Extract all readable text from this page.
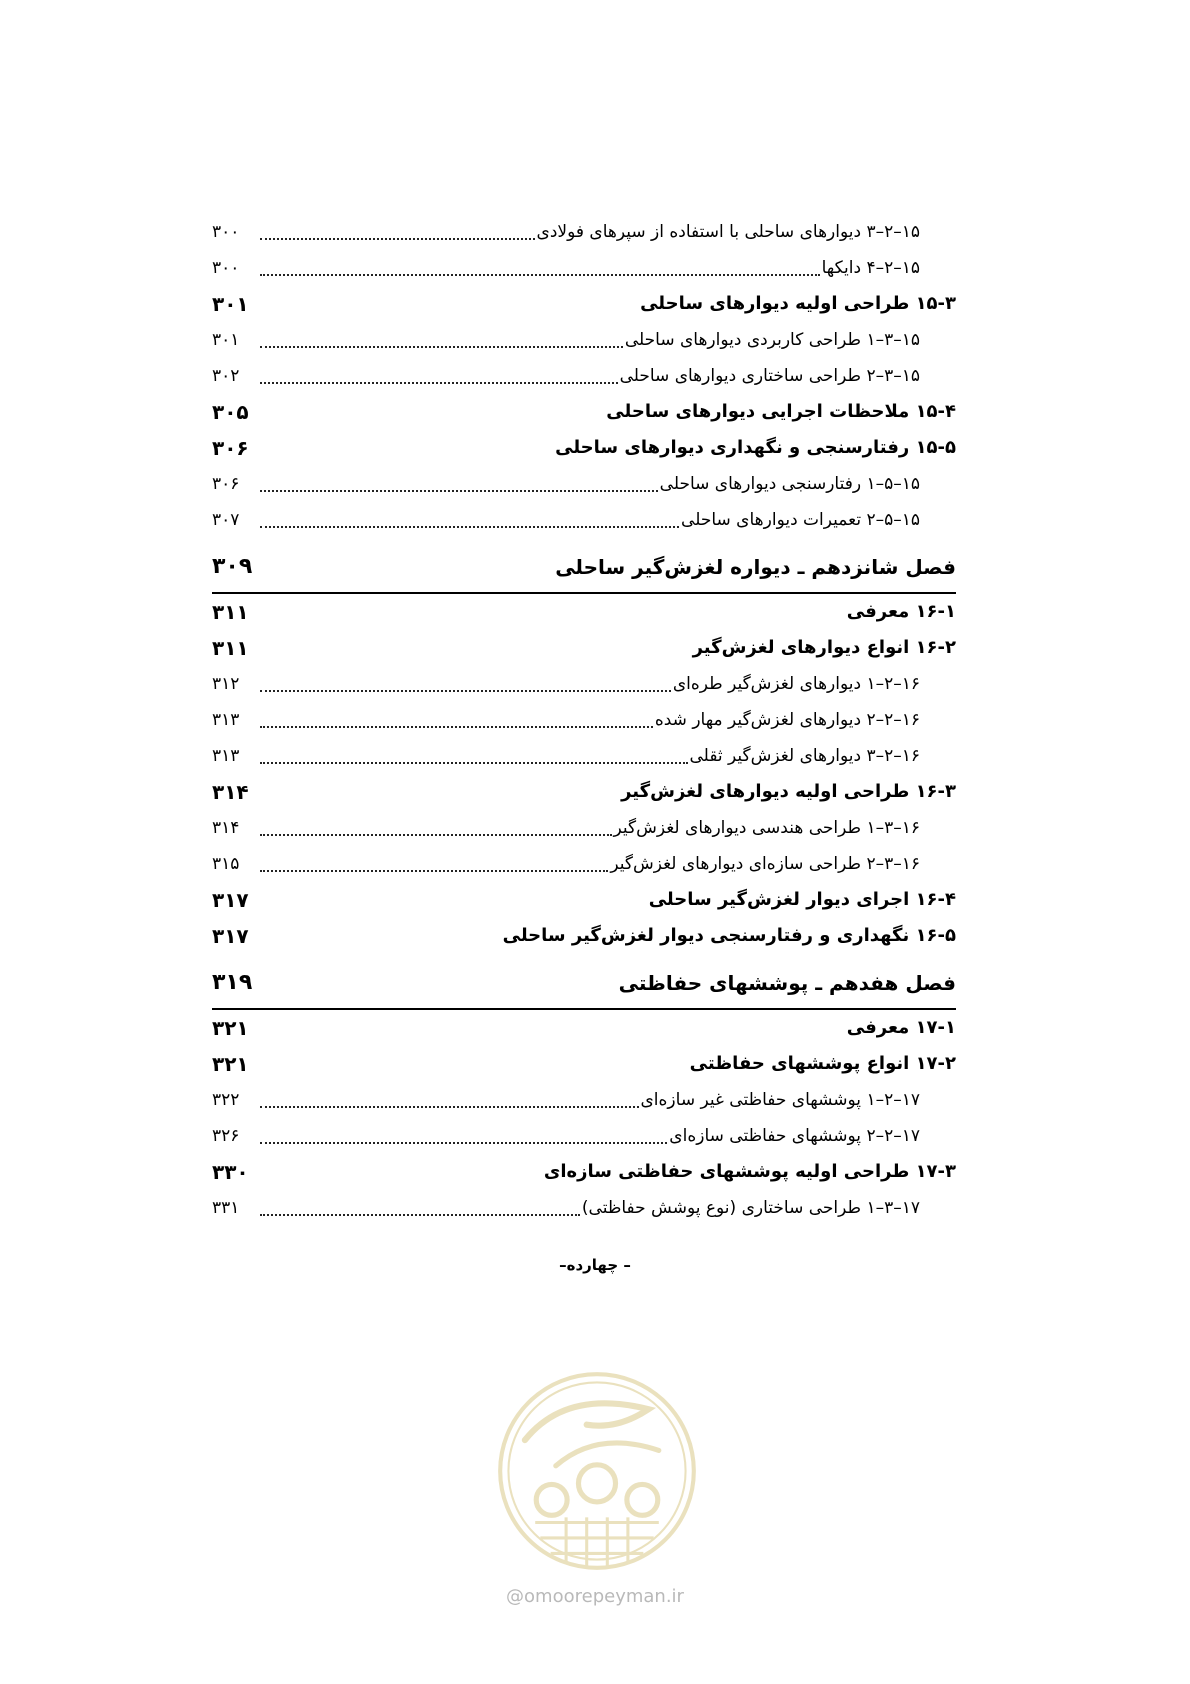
۱۵–۲–۳ دیوارهای ساحلی با استفاده از سپرهای فولادی
۳۰۰
۱۵–۲–۴ دایکها
۳۰۰
۱۵-۳ طراحی اولیه دیوارهای ساحلی
۳۰۱
۱۵–۳–۱ طراحی کاربردی دیوارهای ساحلی
۳۰۱
۱۵–۳–۲ طراحی ساختاری دیوارهای ساحلی
۳۰۲
۱۵-۴ ملاحظات اجرایی دیوارهای ساحلی
۳۰۵
۱۵-۵ رفتارسنجی و نگهداری دیوارهای ساحلی
۳۰۶
۱۵–۵–۱ رفتارسنجی دیوارهای ساحلی
۳۰۶
۱۵–۵–۲ تعمیرات دیوارهای ساحلی
۳۰۷
فصل شانزدهم ـ دیواره لغزش‌گیر ساحلی
۳۰۹
۱۶-۱ معرفی
۳۱۱
۱۶-۲ انواع دیوارهای لغزش‌گیر
۳۱۱
۱۶–۲–۱ دیوارهای لغزش‌گیر طره‌ای
۳۱۲
۱۶–۲–۲ دیوارهای لغزش‌گیر مهار شده
۳۱۳
۱۶–۲–۳ دیوارهای لغزش‌گیر ثقلی
۳۱۳
۱۶-۳ طراحی اولیه دیوارهای لغزش‌گیر
۳۱۴
۱۶–۳–۱ طراحی هندسی دیوارهای لغزش‌گیر
۳۱۴
۱۶–۳–۲ طراحی سازه‌ای دیوارهای لغزش‌گیر
۳۱۵
۱۶-۴ اجرای دیوار لغزش‌گیر ساحلی
۳۱۷
۱۶-۵ نگهداری و رفتارسنجی دیوار لغزش‌گیر ساحلی
۳۱۷
فصل هفدهم ـ پوششهای حفاظتی
۳۱۹
۱۷-۱ معرفی
۳۲۱
۱۷-۲ انواع پوششهای حفاظتی
۳۲۱
۱۷–۲–۱ پوششهای حفاظتی غیر سازه‌ای
۳۲۲
۱۷–۲–۲ پوششهای حفاظتی سازه‌ای
۳۲۶
۱۷-۳ طراحی اولیه پوششهای حفاظتی سازه‌ای
۳۳۰
۱۷–۳–۱ طراحی ساختاری (نوع پوشش حفاظتی)
۳۳۱
– چهارده–
@omoorepeyman.ir
